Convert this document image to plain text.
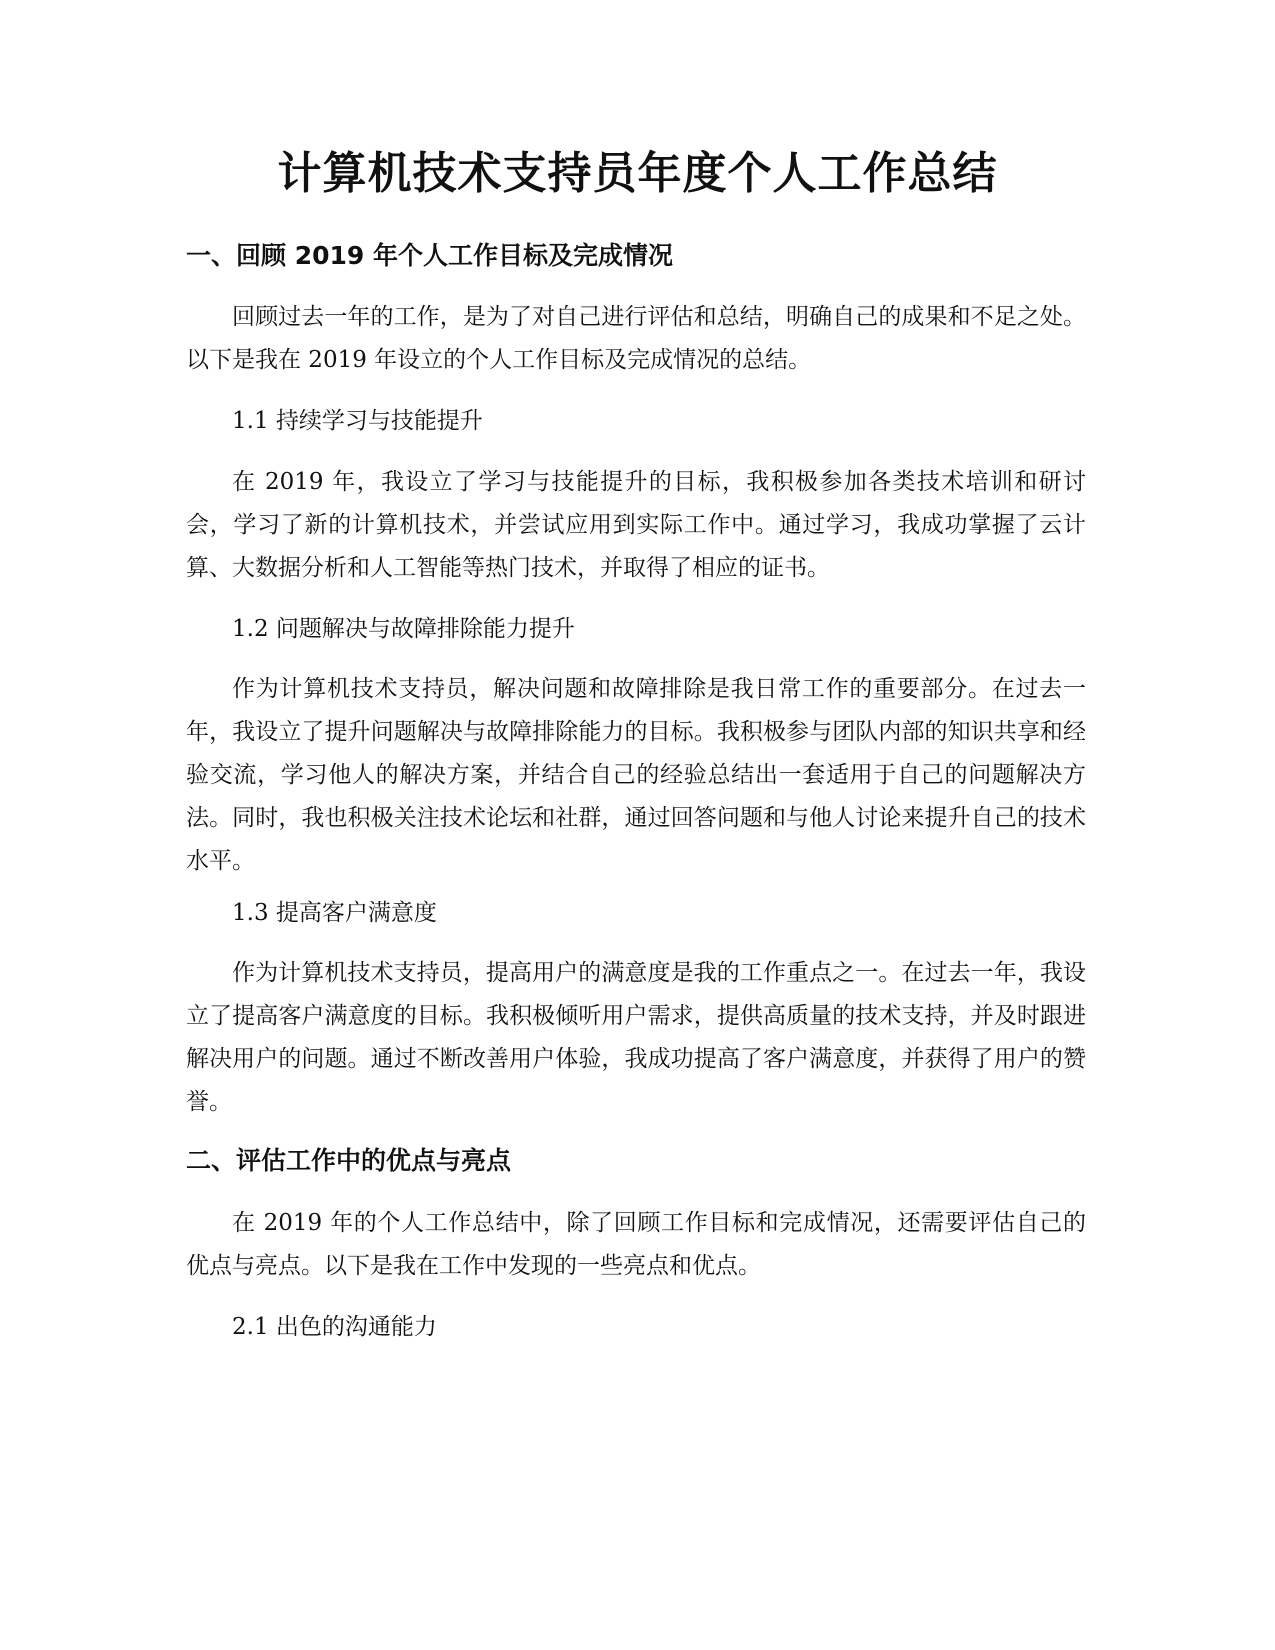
计算机技术支持员年度个人工作总结
一、回顾 2019 年个人工作目标及完成情况

回顾过去一年的工作，是为了对自己进行评估和总结，明确自己的成果和不足之处。以下是我在 2019 年设立的个人工作目标及完成情况的总结。

1.1 持续学习与技能提升

在 2019 年，我设立了学习与技能提升的目标，我积极参加各类技术培训和研讨会，学习了新的计算机技术，并尝试应用到实际工作中。通过学习，我成功掌握了云计算、大数据分析和人工智能等热门技术，并取得了相应的证书。

1.2 问题解决与故障排除能力提升

作为计算机技术支持员，解决问题和故障排除是我日常工作的重要部分。在过去一年，我设立了提升问题解决与故障排除能力的目标。我积极参与团队内部的知识共享和经验交流，学习他人的解决方案，并结合自己的经验总结出一套适用于自己的问题解决方法。同时，我也积极关注技术论坛和社群，通过回答问题和与他人讨论来提升自己的技术水平。

1.3 提高客户满意度

作为计算机技术支持员，提高用户的满意度是我的工作重点之一。在过去一年，我设立了提高客户满意度的目标。我积极倾听用户需求，提供高质量的技术支持，并及时跟进解决用户的问题。通过不断改善用户体验，我成功提高了客户满意度，并获得了用户的赞誉。

二、评估工作中的优点与亮点

在 2019 年的个人工作总结中，除了回顾工作目标和完成情况，还需要评估自己的优点与亮点。以下是我在工作中发现的一些亮点和优点。

2.1 出色的沟通能力
